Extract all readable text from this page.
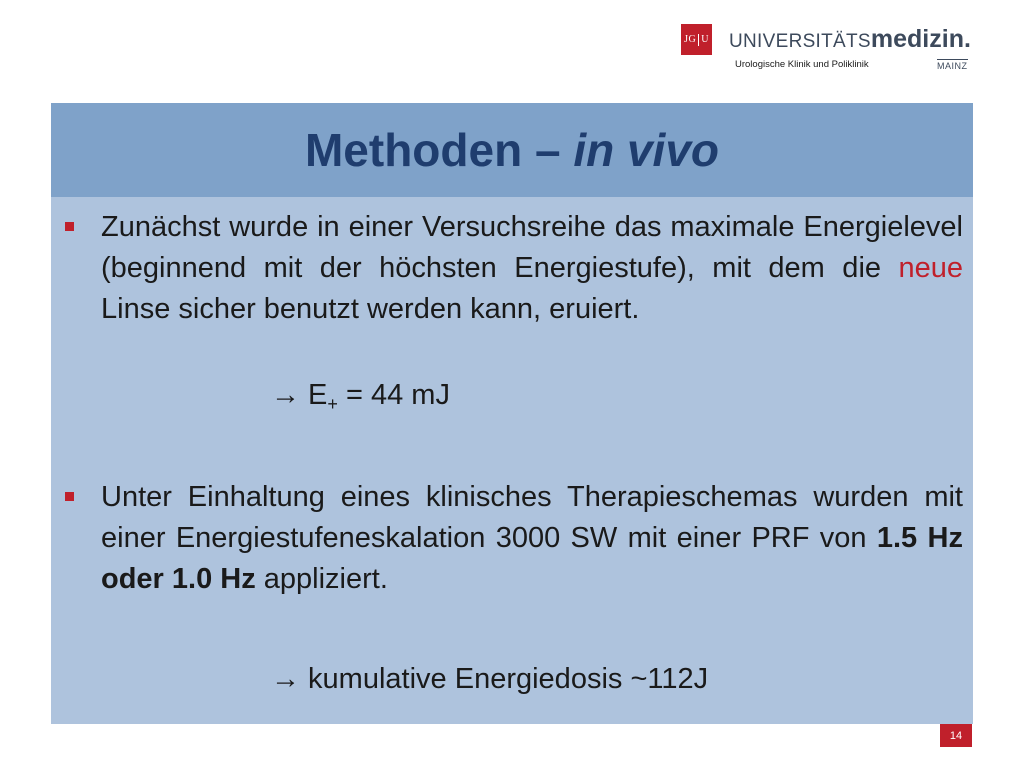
JG U UNIVERSITÄTSmedizin.
Urologische Klinik und Poliklinik	MAINZ
Methoden – in vivo
Zunächst wurde in einer Versuchsreihe das maximale Energielevel (beginnend mit der höchsten Energiestufe), mit dem die neue Linse sicher benutzt werden kann, eruiert.
→ $E_+ = 44$ mJ
Unter Einhaltung eines klinisches Therapieschemas wurden mit einer Energiestufeneskalation 3000 SW mit einer PRF von 1.5 Hz oder 1.0 Hz appliziert.
→ kumulative Energiedosis ~112J
14
